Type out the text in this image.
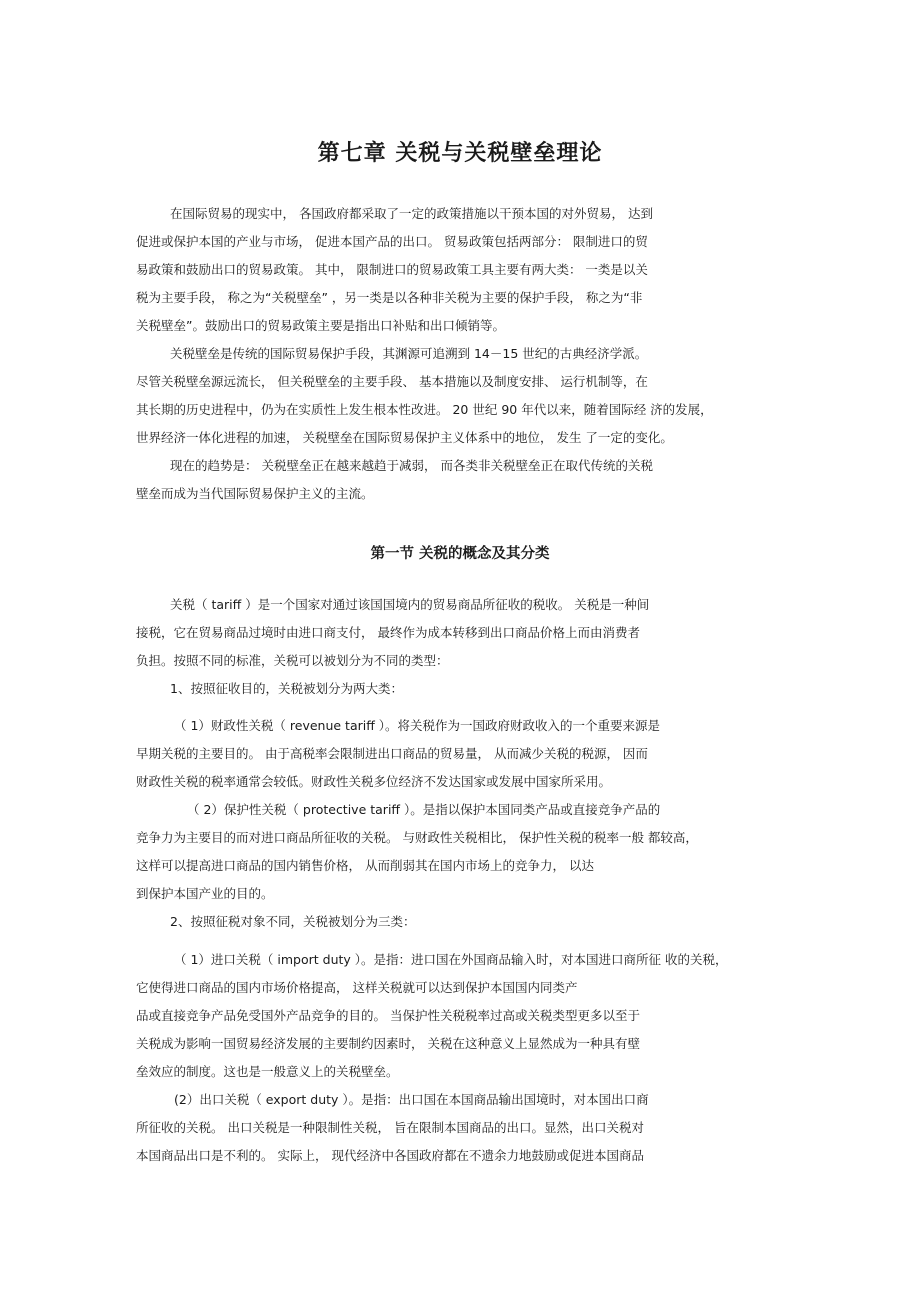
第七章 关税与关税壁垒理论

在国际贸易的现实中， 各国政府都采取了一定的政策措施以干预本国的对外贸易， 达到

促进或保护本国的产业与市场， 促进本国产品的出口。 贸易政策包括两部分： 限制进口的贸

易政策和鼓励出口的贸易政策。 其中， 限制进口的贸易政策工具主要有两大类： 一类是以关

税为主要手段， 称之为“关税壁垒” ，另一类是以各种非关税为主要的保护手段， 称之为“非

关税壁垒”。鼓励出口的贸易政策主要是指出口补贴和出口倾销等。

关税壁垒是传统的国际贸易保护手段，其渊源可追溯到 14－15 世纪的古典经济学派。

尽管关税壁垒源远流长， 但关税壁垒的主要手段、 基本措施以及制度安排、 运行机制等，在

其长期的历史进程中，仍为在实质性上发生根本性改进。 20 世纪 90 年代以来，随着国际经 济的发展，

世界经济一体化进程的加速， 关税壁垒在国际贸易保护主义体系中的地位， 发生 了一定的变化。

现在的趋势是： 关税壁垒正在越来越趋于减弱， 而各类非关税壁垒正在取代传统的关税

壁垒而成为当代国际贸易保护主义的主流。

第一节 关税的概念及其分类

关税（ tariff ）是一个国家对通过该国国境内的贸易商品所征收的税收。 关税是一种间

接税，它在贸易商品过境时由进口商支付， 最终作为成本转移到出口商品价格上而由消费者

负担。按照不同的标准，关税可以被划分为不同的类型：

1、按照征收目的，关税被划分为两大类：

（ 1）财政性关税（ revenue tariff ）。将关税作为一国政府财政收入的一个重要来源是

早期关税的主要目的。 由于高税率会限制进出口商品的贸易量， 从而减少关税的税源， 因而

财政性关税的税率通常会较低。财政性关税多位经济不发达国家或发展中国家所采用。

（ 2）保护性关税（ protective tariff ）。是指以保护本国同类产品或直接竞争产品的

竞争力为主要目的而对进口商品所征收的关税。 与财政性关税相比， 保护性关税的税率一般 都较高，

这样可以提高进口商品的国内销售价格， 从而削弱其在国内市场上的竞争力， 以达

到保护本国产业的目的。

2、按照征税对象不同，关税被划分为三类：

（ 1）进口关税（ import duty ）。是指：进口国在外国商品输入时，对本国进口商所征 收的关税，

它使得进口商品的国内市场价格提高， 这样关税就可以达到保护本国国内同类产

品或直接竞争产品免受国外产品竞争的目的。 当保护性关税税率过高或关税类型更多以至于

关税成为影响一国贸易经济发展的主要制约因素时， 关税在这种意义上显然成为一种具有壁

垒效应的制度。这也是一般意义上的关税壁垒。

(2）出口关税（ export duty ）。是指：出口国在本国商品输出国境时，对本国出口商

所征收的关税。 出口关税是一种限制性关税， 旨在限制本国商品的出口。显然，出口关税对

本国商品出口是不利的。 实际上， 现代经济中各国政府都在不遗余力地鼓励或促进本国商品
